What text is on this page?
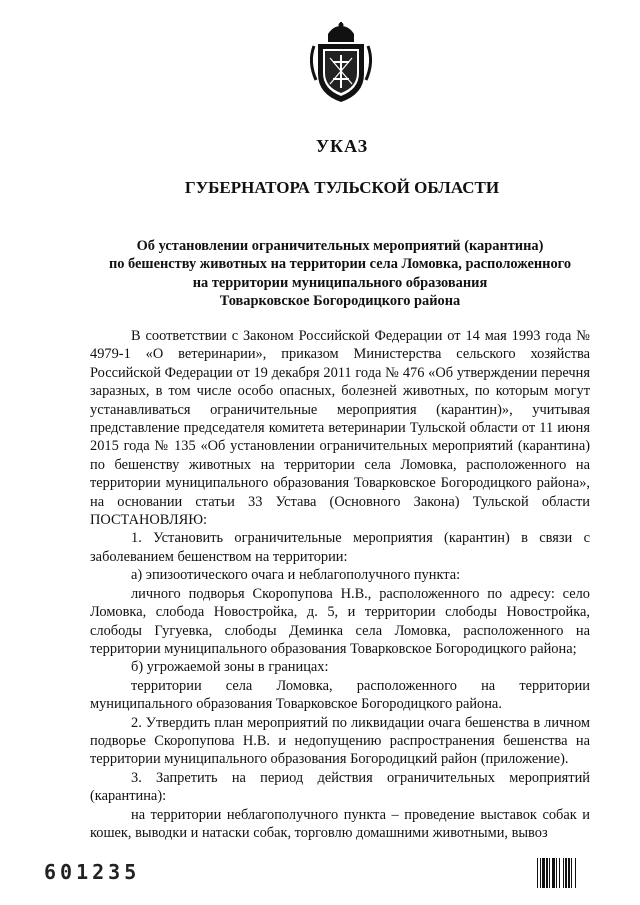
УКАЗ
ГУБЕРНАТОРА ТУЛЬСКОЙ ОБЛАСТИ
Об установлении ограничительных мероприятий (карантина)
по бешенству животных на территории села Ломовка, расположенного
на территории муниципального образования
Товарковское Богородицкого района

В соответствии с Законом Российской Федерации от 14 мая 1993 года № 4979-1 «О ветеринарии», приказом Министерства сельского хозяйства Российской Федерации от 19 декабря 2011 года № 476 «Об утверждении перечня заразных, в том числе особо опасных, болезней животных, по которым могут устанавливаться ограничительные мероприятия (карантин)», учитывая представление председателя комитета ветеринарии Тульской области от 11 июня 2015 года № 135 «Об установлении ограничительных мероприятий (карантина) по бешенству животных на территории села Ломовка, расположенного на территории муниципального образования Товарковское Богородицкого района», на основании статьи 33 Устава (Основного Закона) Тульской области ПОСТАНОВЛЯЮ:

1. Установить ограничительные мероприятия (карантин) в связи с заболеванием бешенством на территории:

а) эпизоотического очага и неблагополучного пункта:

личного подворья Скоропупова Н.В., расположенного по адресу: село Ломовка, слобода Новостройка, д. 5, и территории слободы Новостройка, слободы Гугуевка, слободы Деминка села Ломовка, расположенного на территории муниципального образования Товарковское Богородицкого района;

б) угрожаемой зоны в границах:

территории села Ломовка, расположенного на территории муниципального образования Товарковское Богородицкого района.

2. Утвердить план мероприятий по ликвидации очага бешенства в личном подворье Скоропупова Н.В. и недопущению распространения бешенства на территории муниципального образования Богородицкий район (приложение).

3. Запретить на период действия ограничительных мероприятий (карантина):

на территории неблагополучного пункта – проведение выставок собак и кошек, выводки и натаски собак, торговлю домашними животными, вывоз

601235
